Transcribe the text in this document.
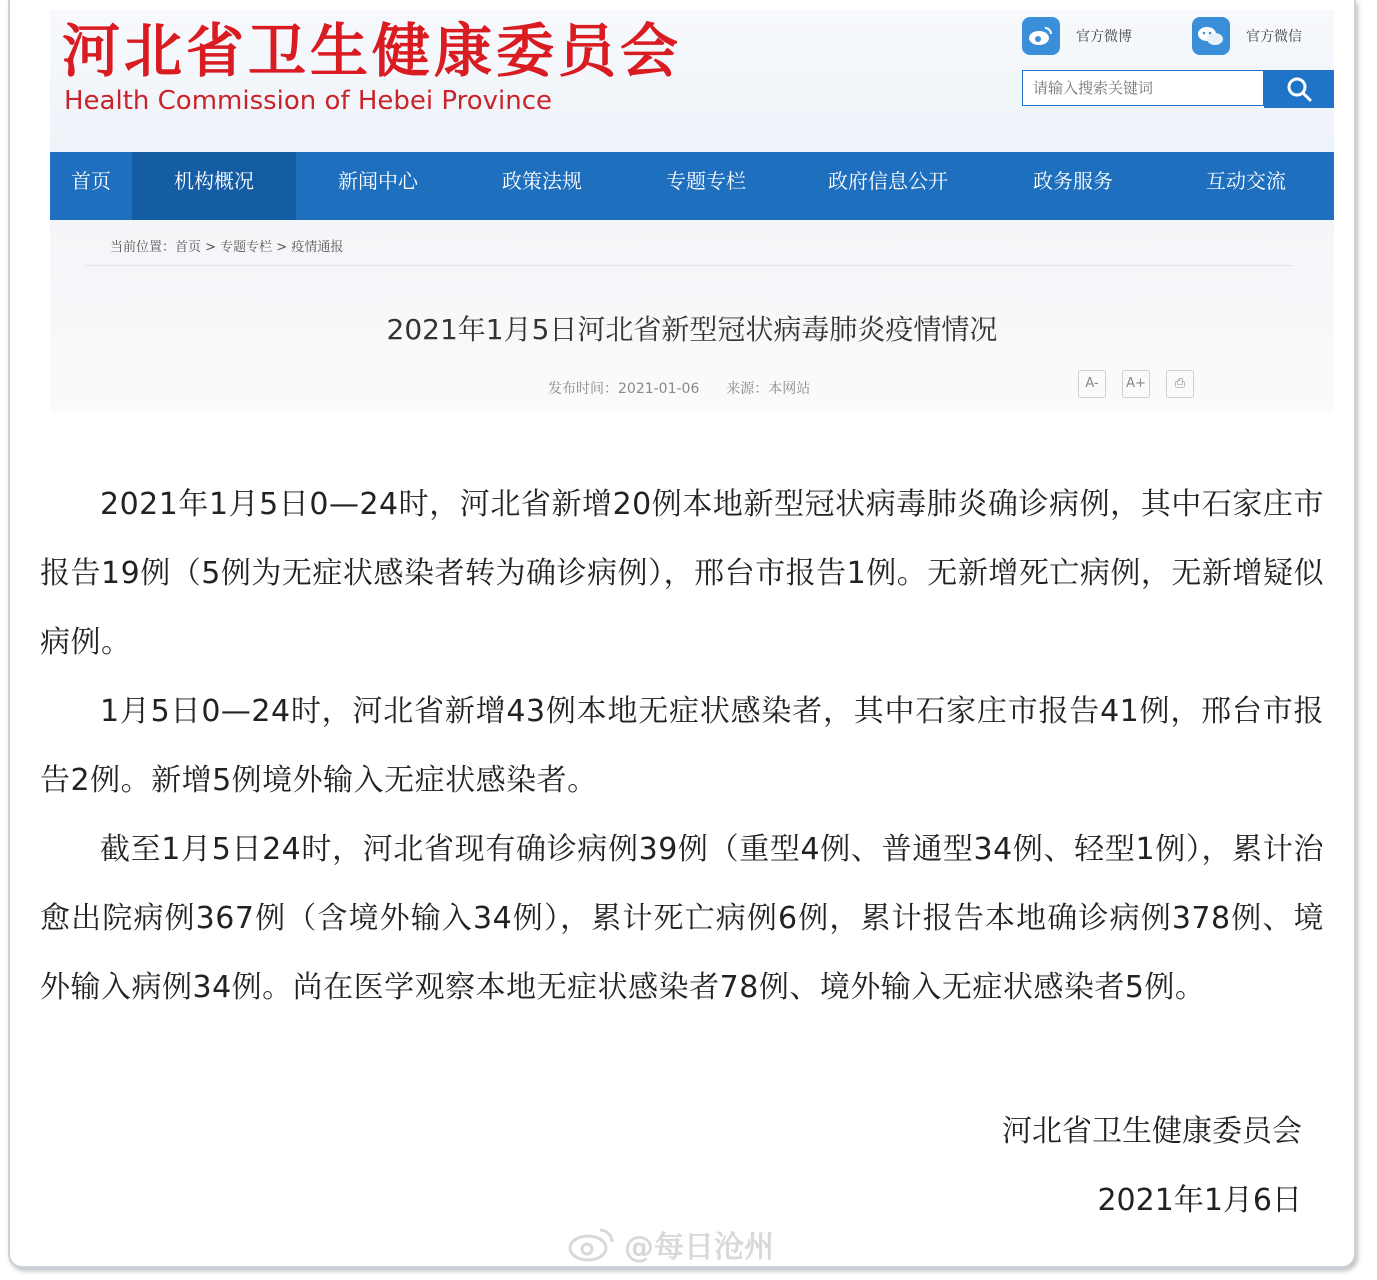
河北省卫生健康委员会
Health Commission of Hebei Province
官方微博	官方微信
请输入搜索关键词
首页	机构概况	新闻中心	政策法规	专题专栏	政府信息公开	政务服务	互动交流
当前位置：首页 > 专题专栏 > 疫情通报
2021年1月5日河北省新型冠状病毒肺炎疫情情况
发布时间：2021-01-06 来源：本网站	A-	A+	⎙

2021年1月5日0—24时，河北省新增20例本地新型冠状病毒肺炎确诊病例，其中石家庄市报告19例（5例为无症状感染者转为确诊病例），邢台市报告1例。无新增死亡病例，无新增疑似病例。

1月5日0—24时，河北省新增43例本地无症状感染者，其中石家庄市报告41例，邢台市报告2例。新增5例境外输入无症状感染者。

截至1月5日24时，河北省现有确诊病例39例（重型4例、普通型34例、轻型1例），累计治愈出院病例367例（含境外输入34例），累计死亡病例6例，累计报告本地确诊病例378例、境外输入病例34例。尚在医学观察本地无症状感染者78例、境外输入无症状感染者5例。

河北省卫生健康委员会
2021年1月6日
@每日沧州
